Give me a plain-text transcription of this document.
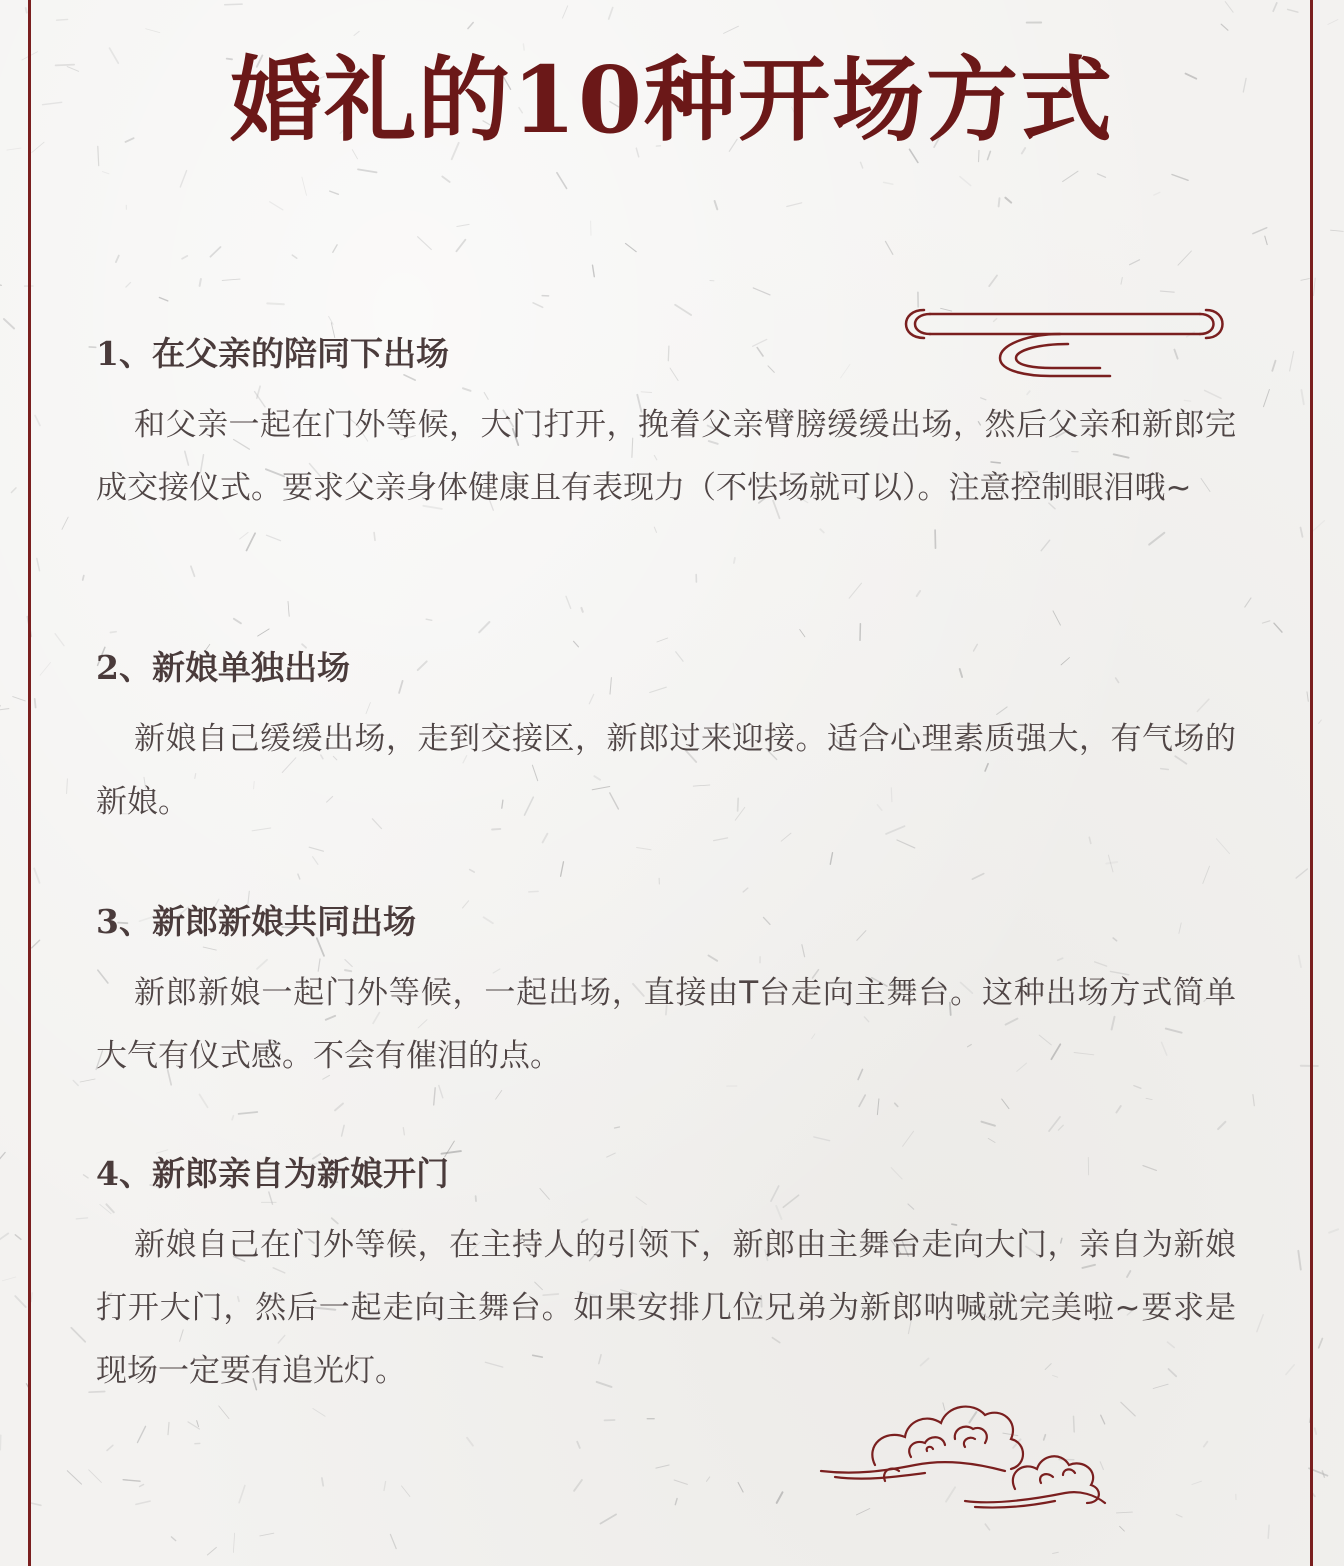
婚礼的10种开场方式
1、在父亲的陪同下出场
和父亲一起在门外等候，大门打开，挽着父亲臂膀缓缓出场，然后父亲和新郎完成交接仪式。要求父亲身体健康且有表现力（不怯场就可以）。注意控制眼泪哦~
2、新娘单独出场
新娘自己缓缓出场，走到交接区，新郎过来迎接。适合心理素质强大，有气场的新娘。
3、新郎新娘共同出场
新郎新娘一起门外等候，一起出场，直接由T台走向主舞台。这种出场方式简单大气有仪式感。不会有催泪的点。
4、新郎亲自为新娘开门
新娘自己在门外等候，在主持人的引领下，新郎由主舞台走向大门，亲自为新娘打开大门，然后一起走向主舞台。如果安排几位兄弟为新郎呐喊就完美啦~要求是现场一定要有追光灯。
